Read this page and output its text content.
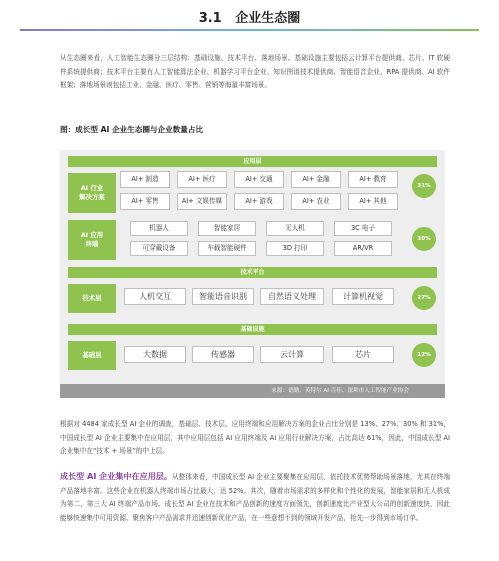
3.1 企业生态圈

从生态圈来看，人工智能生态圈分三层结构：基础设施、技术平台、落地场景。基础设施主要包括云计算平台提供商、芯片、IT 软硬件系统提供商；技术平台主要有人工智能算法企业、机器学习平台企业、知识图谱技术提供商、智能语音企业、RPA 提供商、AI 软件框架；落地场景则包括工业、金融、医疗、零售、营销等海量丰富场景。

图：成长型 AI 企业生态圈与企业数量占比
应用层
AI 行业
解决方案
AI+ 制造	AI+ 医疗	AI+ 交通	AI+ 金融	AI+ 教育
AI+ 零售	AI+ 文娱传媒	AI+ 游戏	AI+ 农业	AI+ 其他
31%
AI 应用
终端
机器人	智能家居	无人机	3C 电子
可穿戴设备	车载智能硬件	3D 打印	AR/VR
30%
技术平台
技术层	人机交互	智能语音识别	自然语义处理	计算机视觉	27%
基础设施
基础层	大数据	传感器	云计算	芯片	12%
来源：德勤、英特尔 AI 百佳、深圳市人工智能产业协会

根据对 4484 家成长型 AI 企业的调查，基础层、技术层、应用终端和应用解决方案的企业占比分别是 13%、27%、30% 和 31%，中国成长型 AI 企业主要集中在应用层，其中应用层包括 AI 应用终端及 AI 应用行业解决方案，占比高达 61%，因此，中国成长型 AI 企业集中在“技术 + 场景”的中上层。

成长型 AI 企业集中在应用层。从整体来看，中国成长型 AI 企业主要聚集在应用层，依托技术优势帮助场景落地，尤其在终端产品落地丰富。这些企业在机器人终端市场占比最大，达 52%。其次，随着市场需求的多样化和个性化的发展，智能家居和无人机成为第二、第三大 AI 终端产品市场。成长型 AI 企业在技术和产品创新的速度方面领先，创新速度比产业型大公司的创新速度快，因此能够快速集中可用资源、聚焦客户产品需求并迅速创新优化产品，在一些意想不到的领域开发产品，抢先一步得到市场订单。
